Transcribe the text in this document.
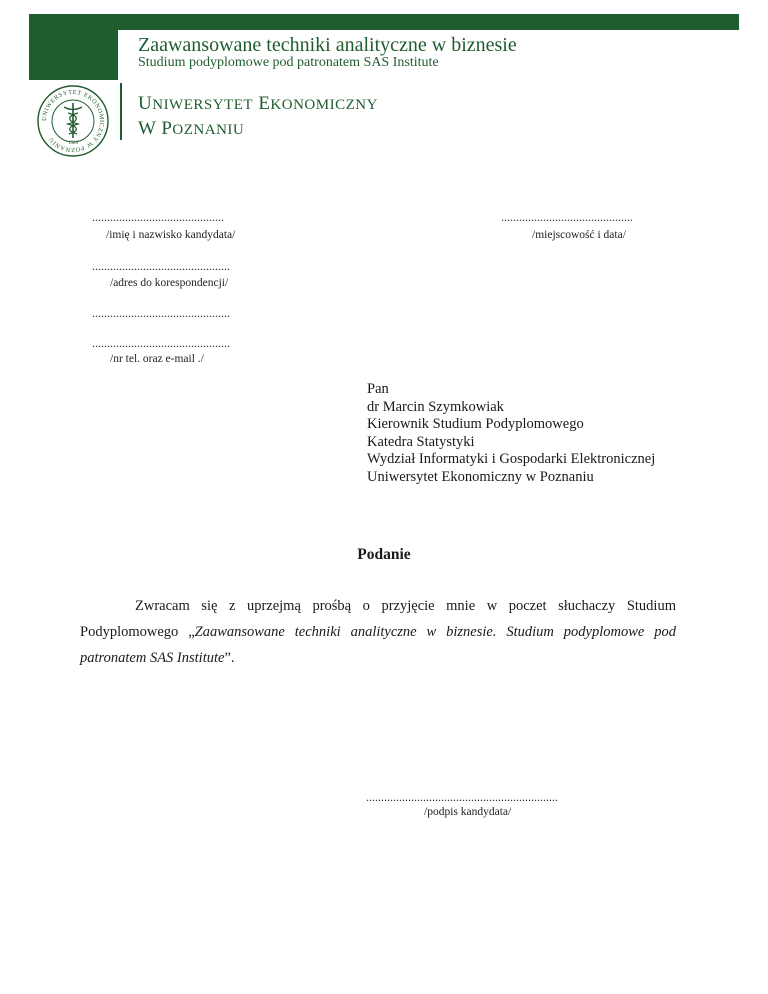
Zaawansowane techniki analityczne w biznesie
Studium podyplomowe pod patronatem SAS Institute
UNIWERSYTET EKONOMICZNY W POZNANIU	1926
UNIWERSYTET EKONOMICZNY
W POZNANIU
............................................
/imię i nazwisko kandydata/
............................................
/miejscowość i data/
..............................................
/adres do korespondencji/
..............................................
..............................................
/nr tel. oraz e-mail ./
Pan
dr Marcin Szymkowiak
Kierownik Studium Podyplomowego
Katedra Statystyki
Wydział Informatyki i Gospodarki Elektronicznej
Uniwersytet Ekonomiczny w Poznaniu
Podanie
Zwracam się z uprzejmą prośbą o przyjęcie mnie w poczet słuchaczy Studium Podyplomowego „Zaawansowane techniki analityczne w biznesie. Studium podyplomowe pod patronatem SAS Institute”.
................................................................
/podpis kandydata/
